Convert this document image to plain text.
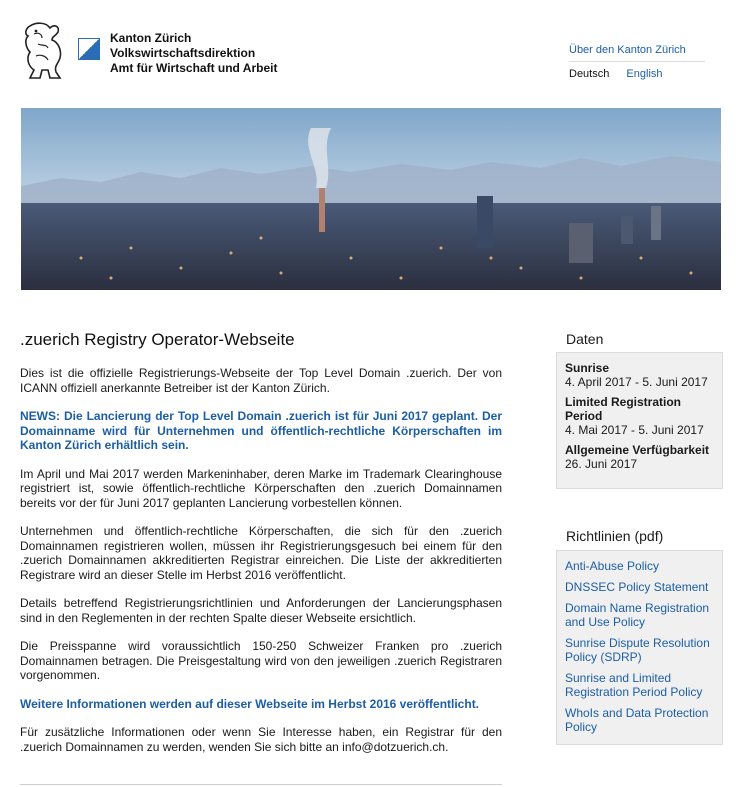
Kanton Zürich
Volkswirtschaftsdirektion
Amt für Wirtschaft und Arbeit
Über den Kanton Zürich
Deutsch English
.zuerich Registry Operator-Webseite

Dies ist die offizielle Registrierungs-Webseite der Top Level Domain .zuerich. Der von ICANN offiziell anerkannte Betreiber ist der Kanton Zürich.

NEWS: Die Lancierung der Top Level Domain .zuerich ist für Juni 2017 geplant. Der Domainname wird für Unternehmen und öffentlich-rechtliche Körperschaften im Kanton Zürich erhältlich sein.

Im April und Mai 2017 werden Markeninhaber, deren Marke im Trademark Clearinghouse registriert ist, sowie öffentlich-rechtliche Körperschaften den .zuerich Domainnamen bereits vor der für Juni 2017 geplanten Lancierung vorbestellen können.

Unternehmen und öffentlich-rechtliche Körperschaften, die sich für den .zuerich Domainnamen registrieren wollen, müssen ihr Registrierungsgesuch bei einem für den .zuerich Domainnamen akkreditierten Registrar einreichen. Die Liste der akkreditierten Registrare wird an dieser Stelle im Herbst 2016 veröffentlicht.

Details betreffend Registrierungsrichtlinien und Anforderungen der Lancierungsphasen sind in den Reglementen in der rechten Spalte dieser Webseite ersichtlich.

Die Preisspanne wird voraussichtlich 150-250 Schweizer Franken pro .zuerich Domainnamen betragen. Die Preisgestaltung wird von den jeweiligen .zuerich Registraren vorgenommen.

Weitere Informationen werden auf dieser Webseite im Herbst 2016 veröffentlicht.

Für zusätzliche Informationen oder wenn Sie Interesse haben, ein Registrar für den .zuerich Domainnamen zu werden, wenden Sie sich bitte an info@dotzuerich.ch.

Daten
Sunrise
4. April 2017 - 5. Juni 2017
Limited Registration Period
4. Mai 2017 - 5. Juni 2017
Allgemeine Verfügbarkeit
26. Juni 2017
Richtlinien (pdf)
Anti-Abuse Policy
DNSSEC Policy Statement
Domain Name Registration and Use Policy
Sunrise Dispute Resolution Policy (SDRP)
Sunrise and Limited Registration Period Policy
WhoIs and Data Protection Policy
